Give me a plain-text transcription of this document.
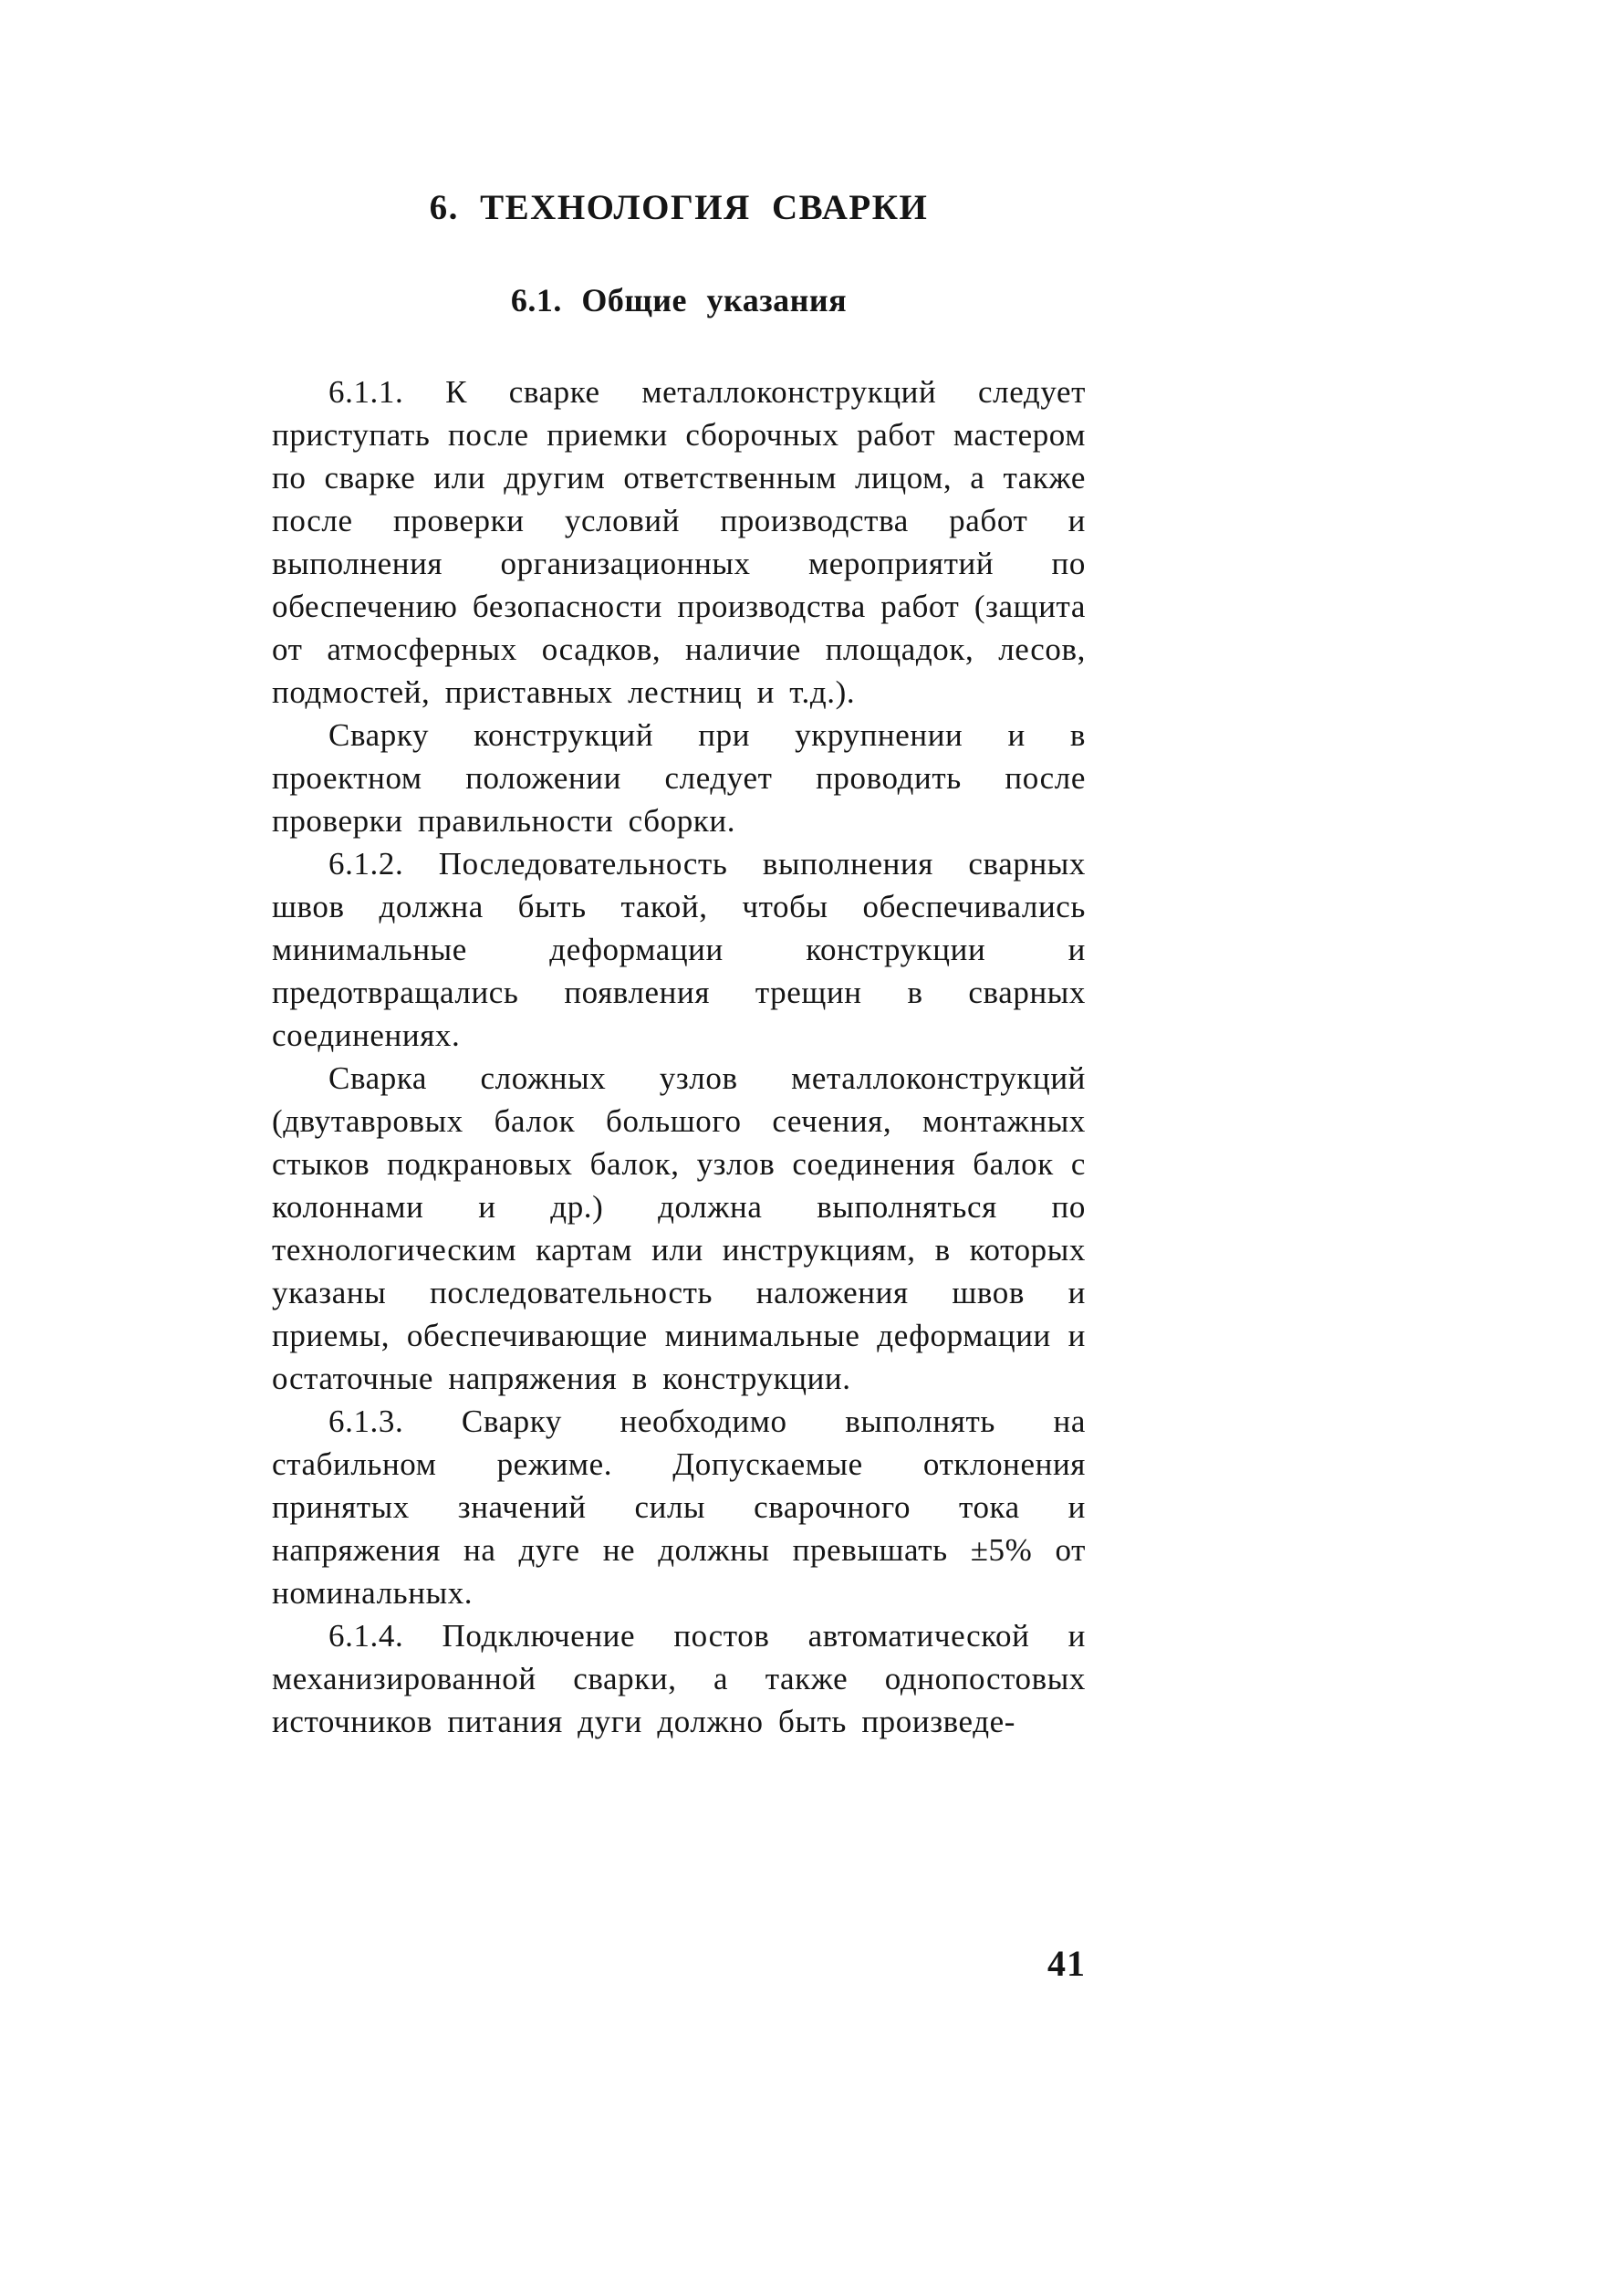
6. ТЕХНОЛОГИЯ СВАРКИ
6.1. Общие указания

6.1.1. К сварке металлоконструкций следует приступать после приемки сборочных работ мастером по сварке или другим ответственным лицом, а также после проверки условий производства работ и выполнения организационных мероприятий по обеспечению безопасности производства работ (защита от атмосферных осадков, наличие площадок, лесов, подмостей, приставных лестниц и т.д.).

Сварку конструкций при укрупнении и в проектном положении следует проводить после проверки правильности сборки.

6.1.2. Последовательность выполнения сварных швов должна быть такой, чтобы обеспечивались минимальные деформации конструкции и предотвращались появления трещин в сварных соединениях.

Сварка сложных узлов металлоконструкций (двутавровых балок большого сечения, монтажных стыков подкрановых балок, узлов соединения балок с колоннами и др.) должна выполняться по технологическим картам или инструкциям, в которых указаны последовательность наложения швов и приемы, обеспечивающие минимальные деформации и остаточные напряжения в конструкции.

6.1.3. Сварку необходимо выполнять на стабильном режиме. Допускаемые отклонения принятых значений силы сварочного тока и напряжения на дуге не должны превышать ±5% от номинальных.

6.1.4. Подключение постов автоматической и механизированной сварки, а также однопостовых источников питания дуги должно быть произведе-

41
